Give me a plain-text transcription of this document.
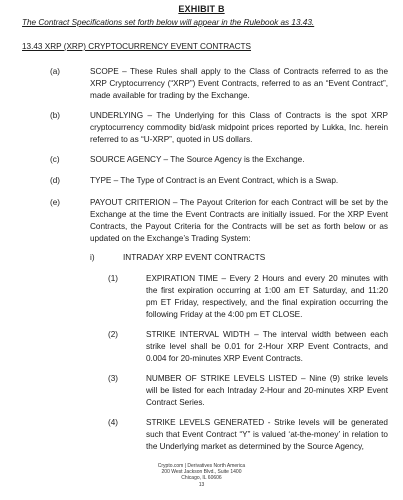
EXHIBIT B
The Contract Specifications set forth below will appear in the Rulebook as 13.43.
13.43 XRP (XRP) CRYPTOCURRENCY EVENT CONTRACTS
(a)	SCOPE – These Rules shall apply to the Class of Contracts referred to as the XRP Cryptocurrency (“XRP”) Event Contracts, referred to as an “Event Contract”, made available for trading by the Exchange.
(b)	UNDERLYING – The Underlying for this Class of Contracts is the spot XRP cryptocurrency commodity bid/ask midpoint prices reported by Lukka, Inc. herein referred to as “U-XRP”, quoted in US dollars.
(c)	SOURCE AGENCY – The Source Agency is the Exchange.
(d)	TYPE – The Type of Contract is an Event Contract, which is a Swap.
(e)	PAYOUT CRITERION – The Payout Criterion for each Contract will be set by the Exchange at the time the Event Contracts are initially issued. For the XRP Event Contracts, the Payout Criteria for the Contracts will be set as forth below or as updated on the Exchange’s Trading System:
i)	INTRADAY XRP EVENT CONTRACTS
(1)	EXPIRATION TIME – Every 2 Hours and every 20 minutes with the first expiration occurring at 1:00 am ET Saturday, and 11:20 pm ET Friday, respectively, and the final expiration occurring the following Friday at the 4:00 pm ET CLOSE.
(2)	STRIKE INTERVAL WIDTH – The interval width between each strike level shall be 0.01 for 2-Hour XRP Event Contracts, and 0.004 for 20-minutes XRP Event Contracts.
(3)	NUMBER OF STRIKE LEVELS LISTED – Nine (9) strike levels will be listed for each Intraday 2-Hour and 20-minutes XRP Event Contract Series.
(4)	STRIKE LEVELS GENERATED - Strike levels will be generated such that Event Contract “Y” is valued ‘at-the-money’ in relation to the Underlying market as determined by the Source Agency,
Crypto.com | Derivatives North America
200 West Jackson Blvd., Suite 1400
Chicago, IL 60606
13
